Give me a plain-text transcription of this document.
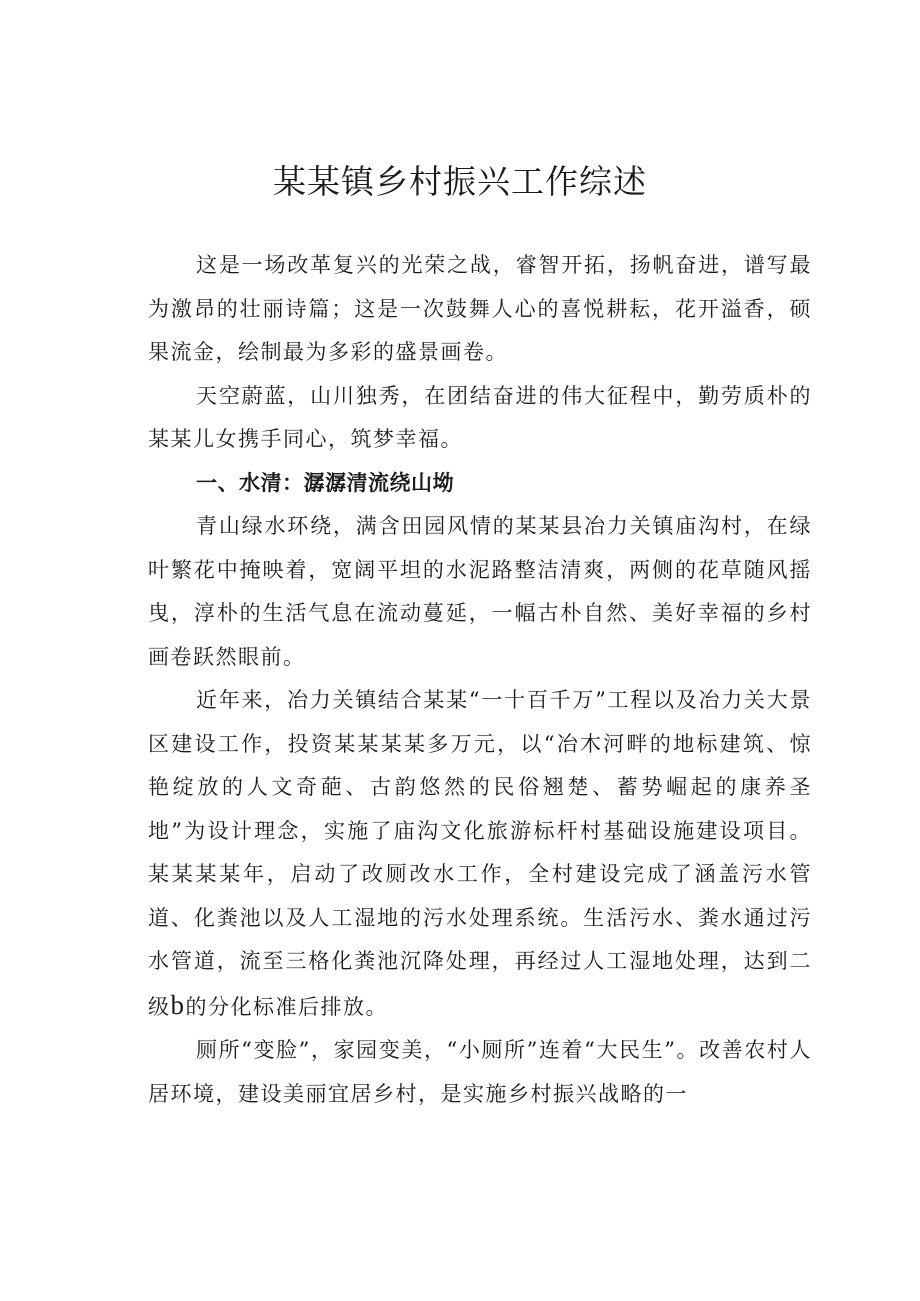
某某镇乡村振兴工作综述

这是一场改革复兴的光荣之战，睿智开拓，扬帆奋进，谱写最为激昂的壮丽诗篇；这是一次鼓舞人心的喜悦耕耘，花开溢香，硕果流金，绘制最为多彩的盛景画卷。

天空蔚蓝，山川独秀，在团结奋进的伟大征程中，勤劳质朴的某某儿女携手同心，筑梦幸福。

一、水清：潺潺清流绕山坳

青山绿水环绕，满含田园风情的某某县冶力关镇庙沟村，在绿叶繁花中掩映着，宽阔平坦的水泥路整洁清爽，两侧的花草随风摇曳，淳朴的生活气息在流动蔓延，一幅古朴自然、美好幸福的乡村画卷跃然眼前。

近年来，冶力关镇结合某某“一十百千万”工程以及冶力关大景区建设工作，投资某某某某多万元，以“冶木河畔的地标建筑、惊艳绽放的人文奇葩、古韵悠然的民俗翘楚、蓄势崛起的康养圣地”为设计理念，实施了庙沟文化旅游标杆村基础设施建设项目。某某某某年，启动了改厕改水工作，全村建设完成了涵盖污水管道、化粪池以及人工湿地的污水处理系统。生活污水、粪水通过污水管道，流至三格化粪池沉降处理，再经过人工湿地处理，达到二级b的分化标准后排放。

厕所“变脸”，家园变美，“小厕所”连着“大民生”。改善农村人居环境，建设美丽宜居乡村，是实施乡村振兴战略的一
